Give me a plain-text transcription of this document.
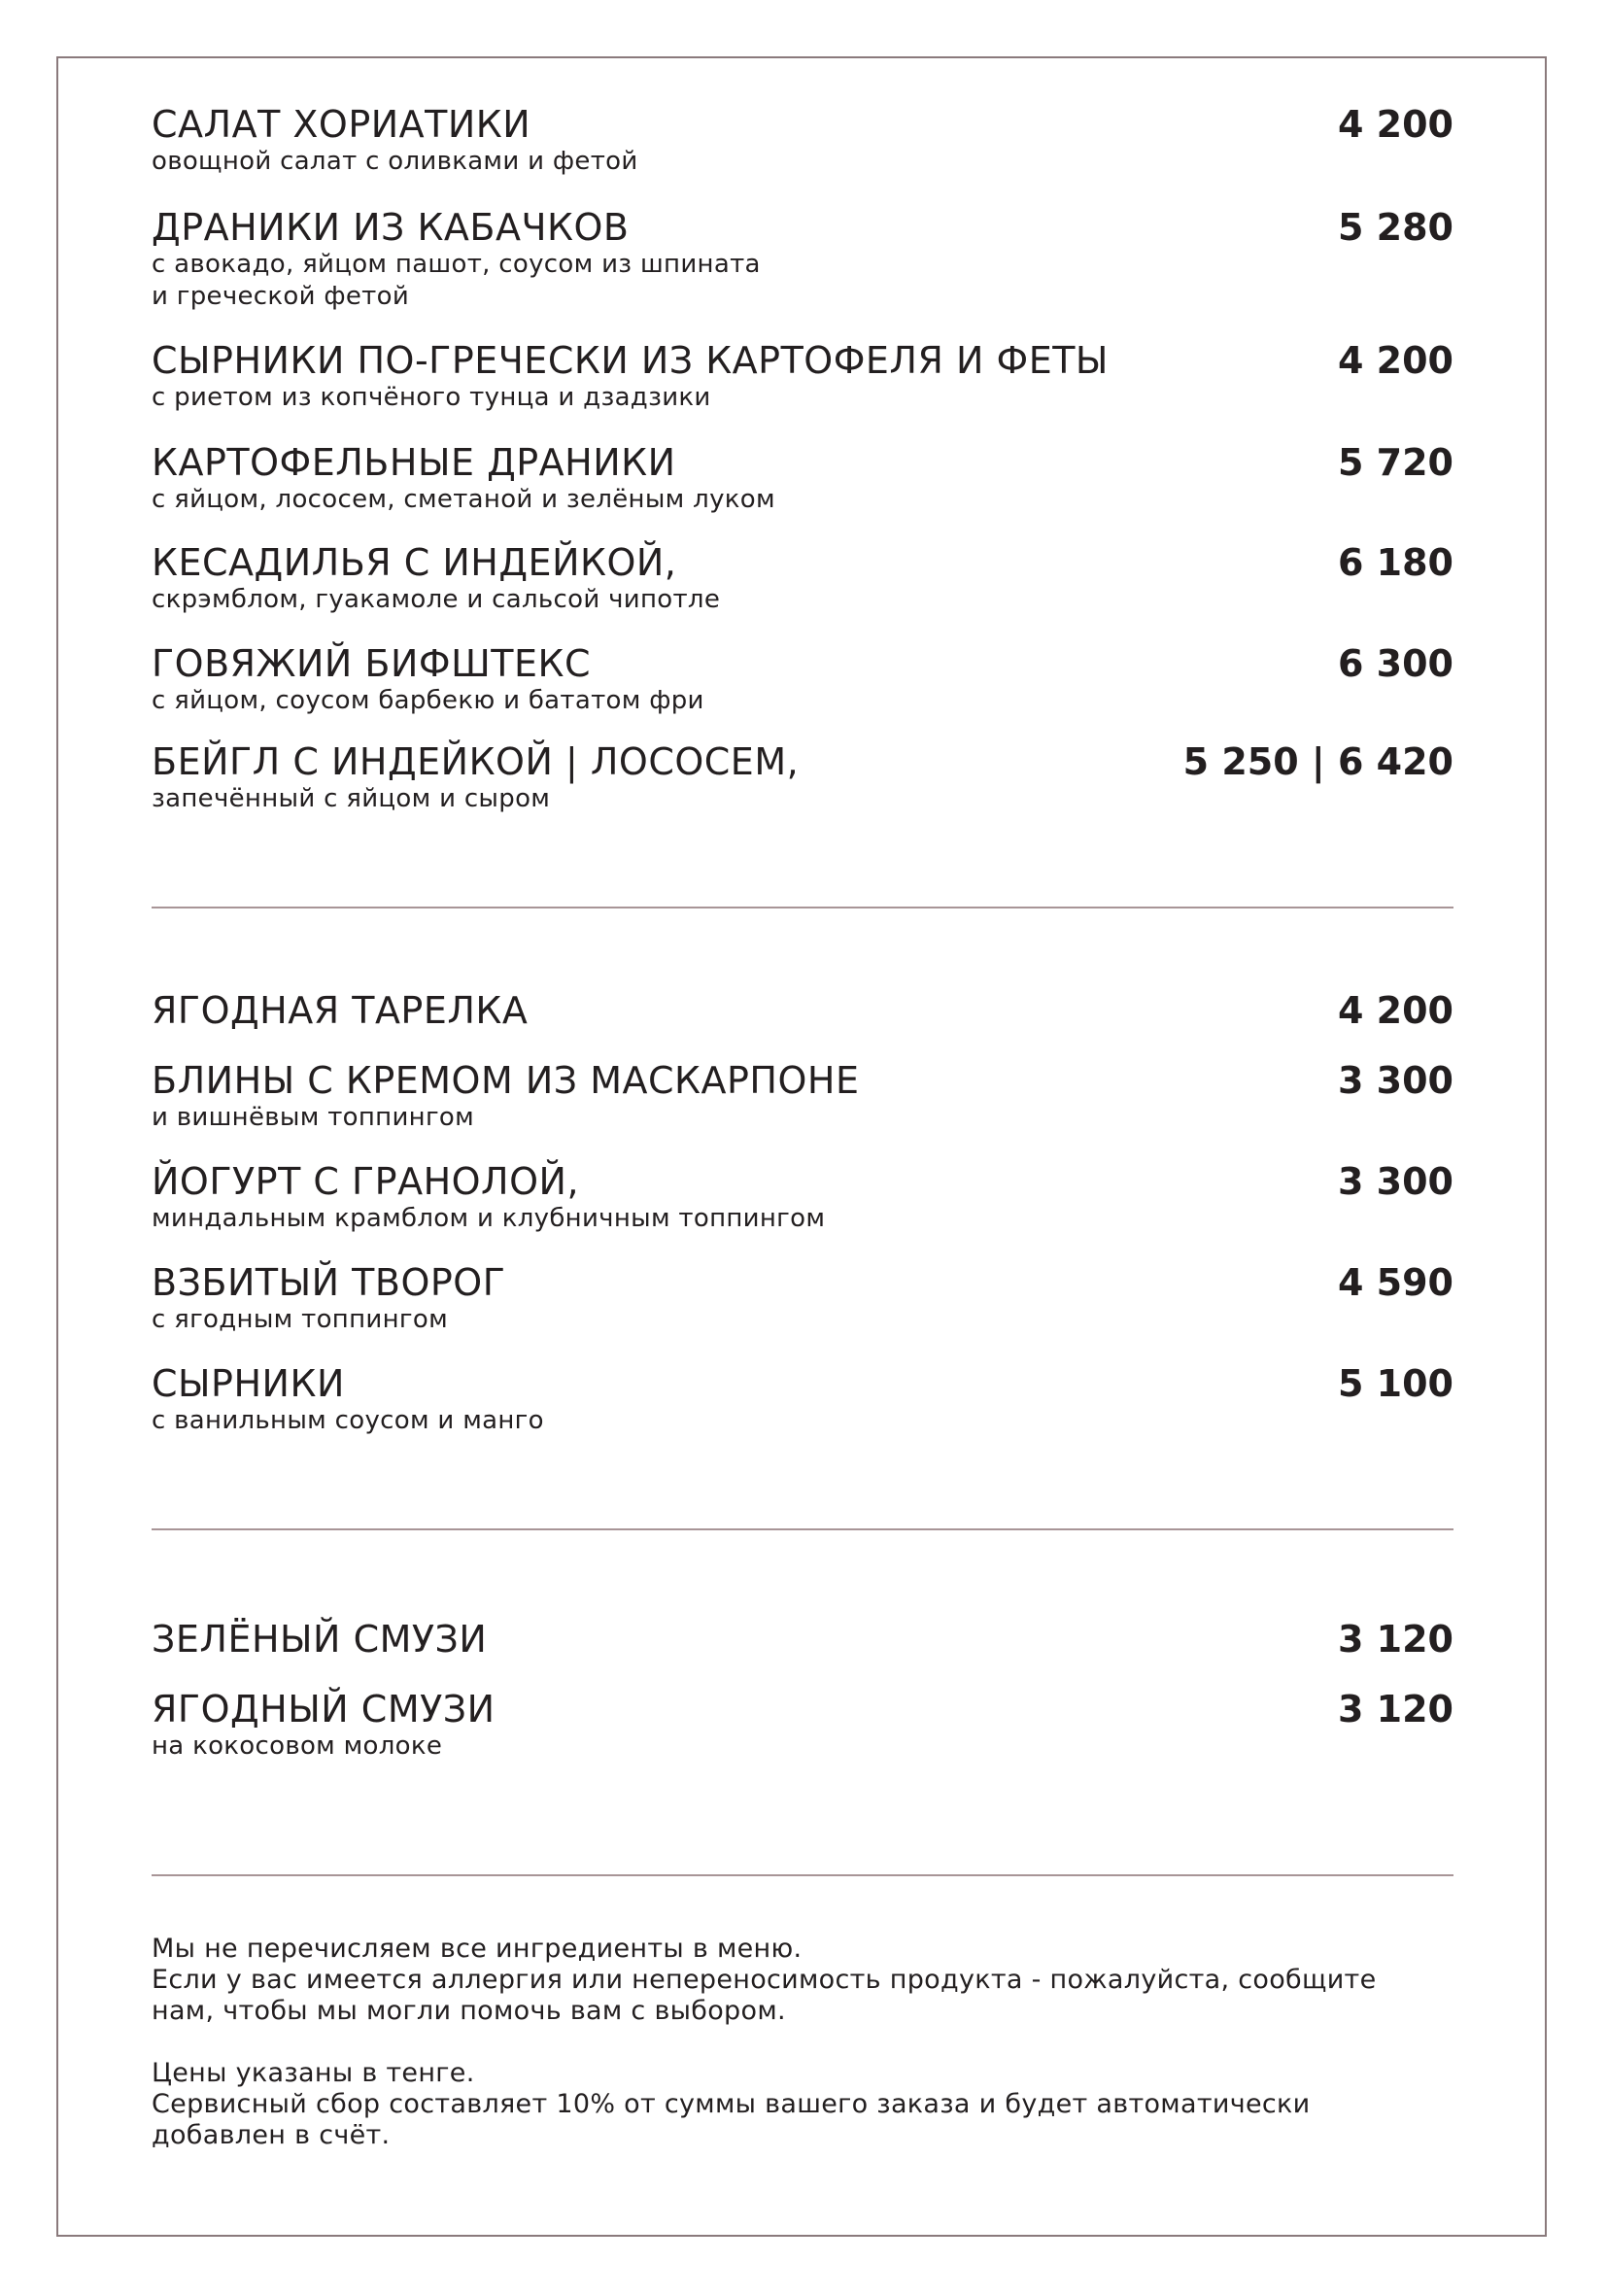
САЛАТ ХОРИАТИКИ
овощной салат с оливками и фетой
4 200
ДРАНИКИ ИЗ КАБАЧКОВ
с авокадо, яйцом пашот, соусом из шпината
и греческой фетой
5 280
СЫРНИКИ ПО-ГРЕЧЕСКИ ИЗ КАРТОФЕЛЯ И ФЕТЫ
с риетом из копчёного тунца и дзадзики
4 200
КАРТОФЕЛЬНЫЕ ДРАНИКИ
с яйцом, лососем, сметаной и зелёным луком
5 720
КЕСАДИЛЬЯ С ИНДЕЙКОЙ,
скрэмблом, гуакамоле и сальсой чипотле
6 180
ГОВЯЖИЙ БИФШТЕКС
с яйцом, соусом барбекю и бататом фри
6 300
БЕЙГЛ С ИНДЕЙКОЙ | ЛОСОСЕМ,
запечённый с яйцом и сыром
5 250 | 6 420
ЯГОДНАЯ ТАРЕЛКА	4 200
БЛИНЫ С КРЕМОМ ИЗ МАСКАРПОНЕ
и вишнёвым топпингом
3 300
ЙОГУРТ С ГРАНОЛОЙ,
миндальным крамблом и клубничным топпингом
3 300
ВЗБИТЫЙ ТВОРОГ
с ягодным топпингом
4 590
СЫРНИКИ
с ванильным соусом и манго
5 100
ЗЕЛЁНЫЙ СМУЗИ	3 120
ЯГОДНЫЙ СМУЗИ
на кокосовом молоке
3 120
Мы не перечисляем все ингредиенты в меню.
Если у вас имеется аллергия или непереносимость продукта - пожалуйста, сообщите
нам, чтобы мы могли помочь вам с выбором.

Цены указаны в тенге.
Сервисный сбор составляет 10% от суммы вашего заказа и будет автоматически
добавлен в счёт.
